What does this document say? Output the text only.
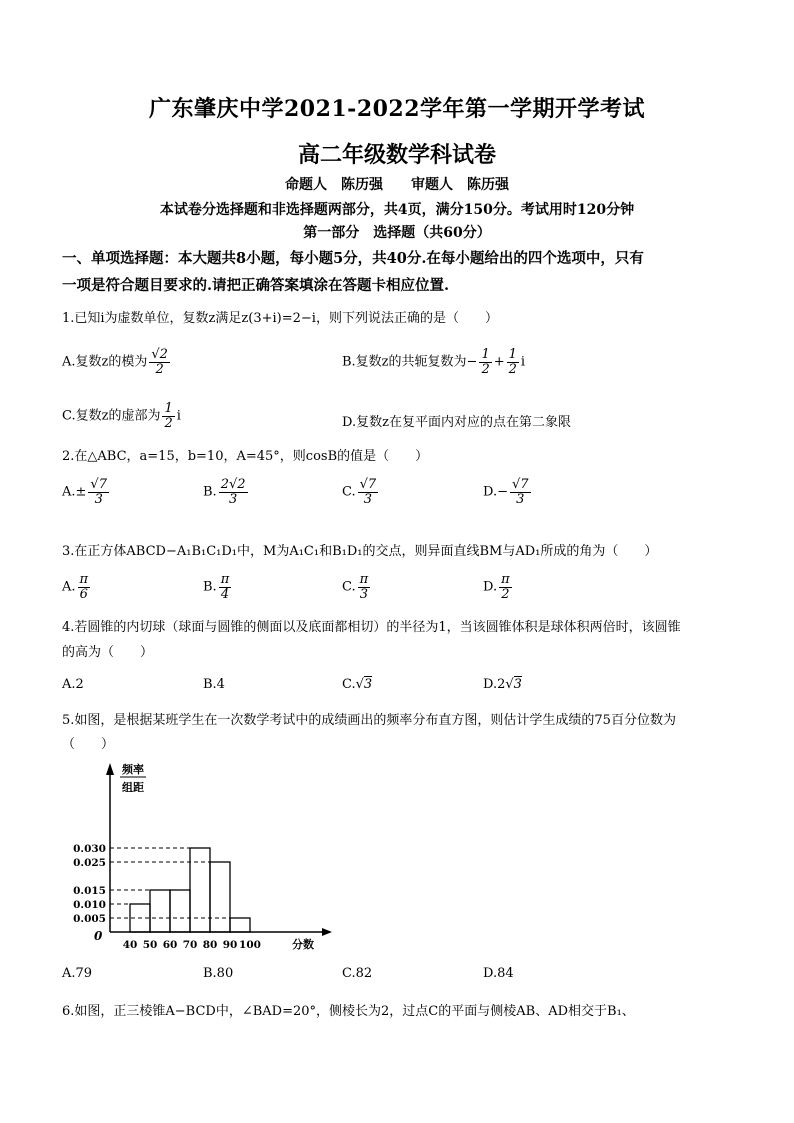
广东肇庆中学2021-2022学年第一学期开学考试
高二年级数学科试卷
命题人　陈历强　　审题人　陈历强
本试卷分选择题和非选择题两部分，共4页，满分150分。考试用时120分钟
第一部分　选择题（共60分）
一、单项选择题：本大题共8小题，每小题5分，共40分.在每小题给出的四个选项中，只有
一项是符合题目要求的.请把正确答案填涂在答题卡相应位置.
1.已知i为虚数单位，复数z满足z(3+i)=2−i，则下列说法正确的是（　　）
A.复数z的模为 $\frac{√2}{2}$	B.复数z的共轭复数为− $\frac{1}{2} + \frac{1}{2}$ i
C.复数z的虚部为 $\frac{1}{2}$ i	D.复数z在复平面内对应的点在第二象限
2.在△ABC，a=15，b=10，A=45°，则cosB的值是（　　）
$A.\pm \frac{√7}{3}$	B. $\frac{2√2}{3}$	C. $\frac{√7}{3}$	$D.- \frac{√7}{3}$
3.在正方体ABCD−A₁B₁C₁D₁中，M为A₁C₁和B₁D₁的交点，则异面直线BM与AD₁所成的角为（　　）
A. $\frac{\pi}{6}$	B. $\frac{\pi}{4}$	C. $\frac{\pi}{3}$	D. $\frac{\pi}{2}$
4.若圆锥的内切球（球面与圆锥的侧面以及底面都相切）的半径为1，当该圆锥体积是球体积两倍时，该圆锥
的高为（　　）
A.2	B.4	C.√3	D.2√3
5.如图，是根据某班学生在一次数学考试中的成绩画出的频率分布直方图，则估计学生成绩的75百分位数为
（　　）
频率
组距
0
0.030
0.025
0.015
0.010
0.005
40 50 60 70 80 90 100	分数
A.79	B.80	C.82	D.84
6.如图，正三棱锥A−BCD中，∠BAD=20°，侧棱长为2，过点C的平面与侧棱AB、AD相交于B₁、
